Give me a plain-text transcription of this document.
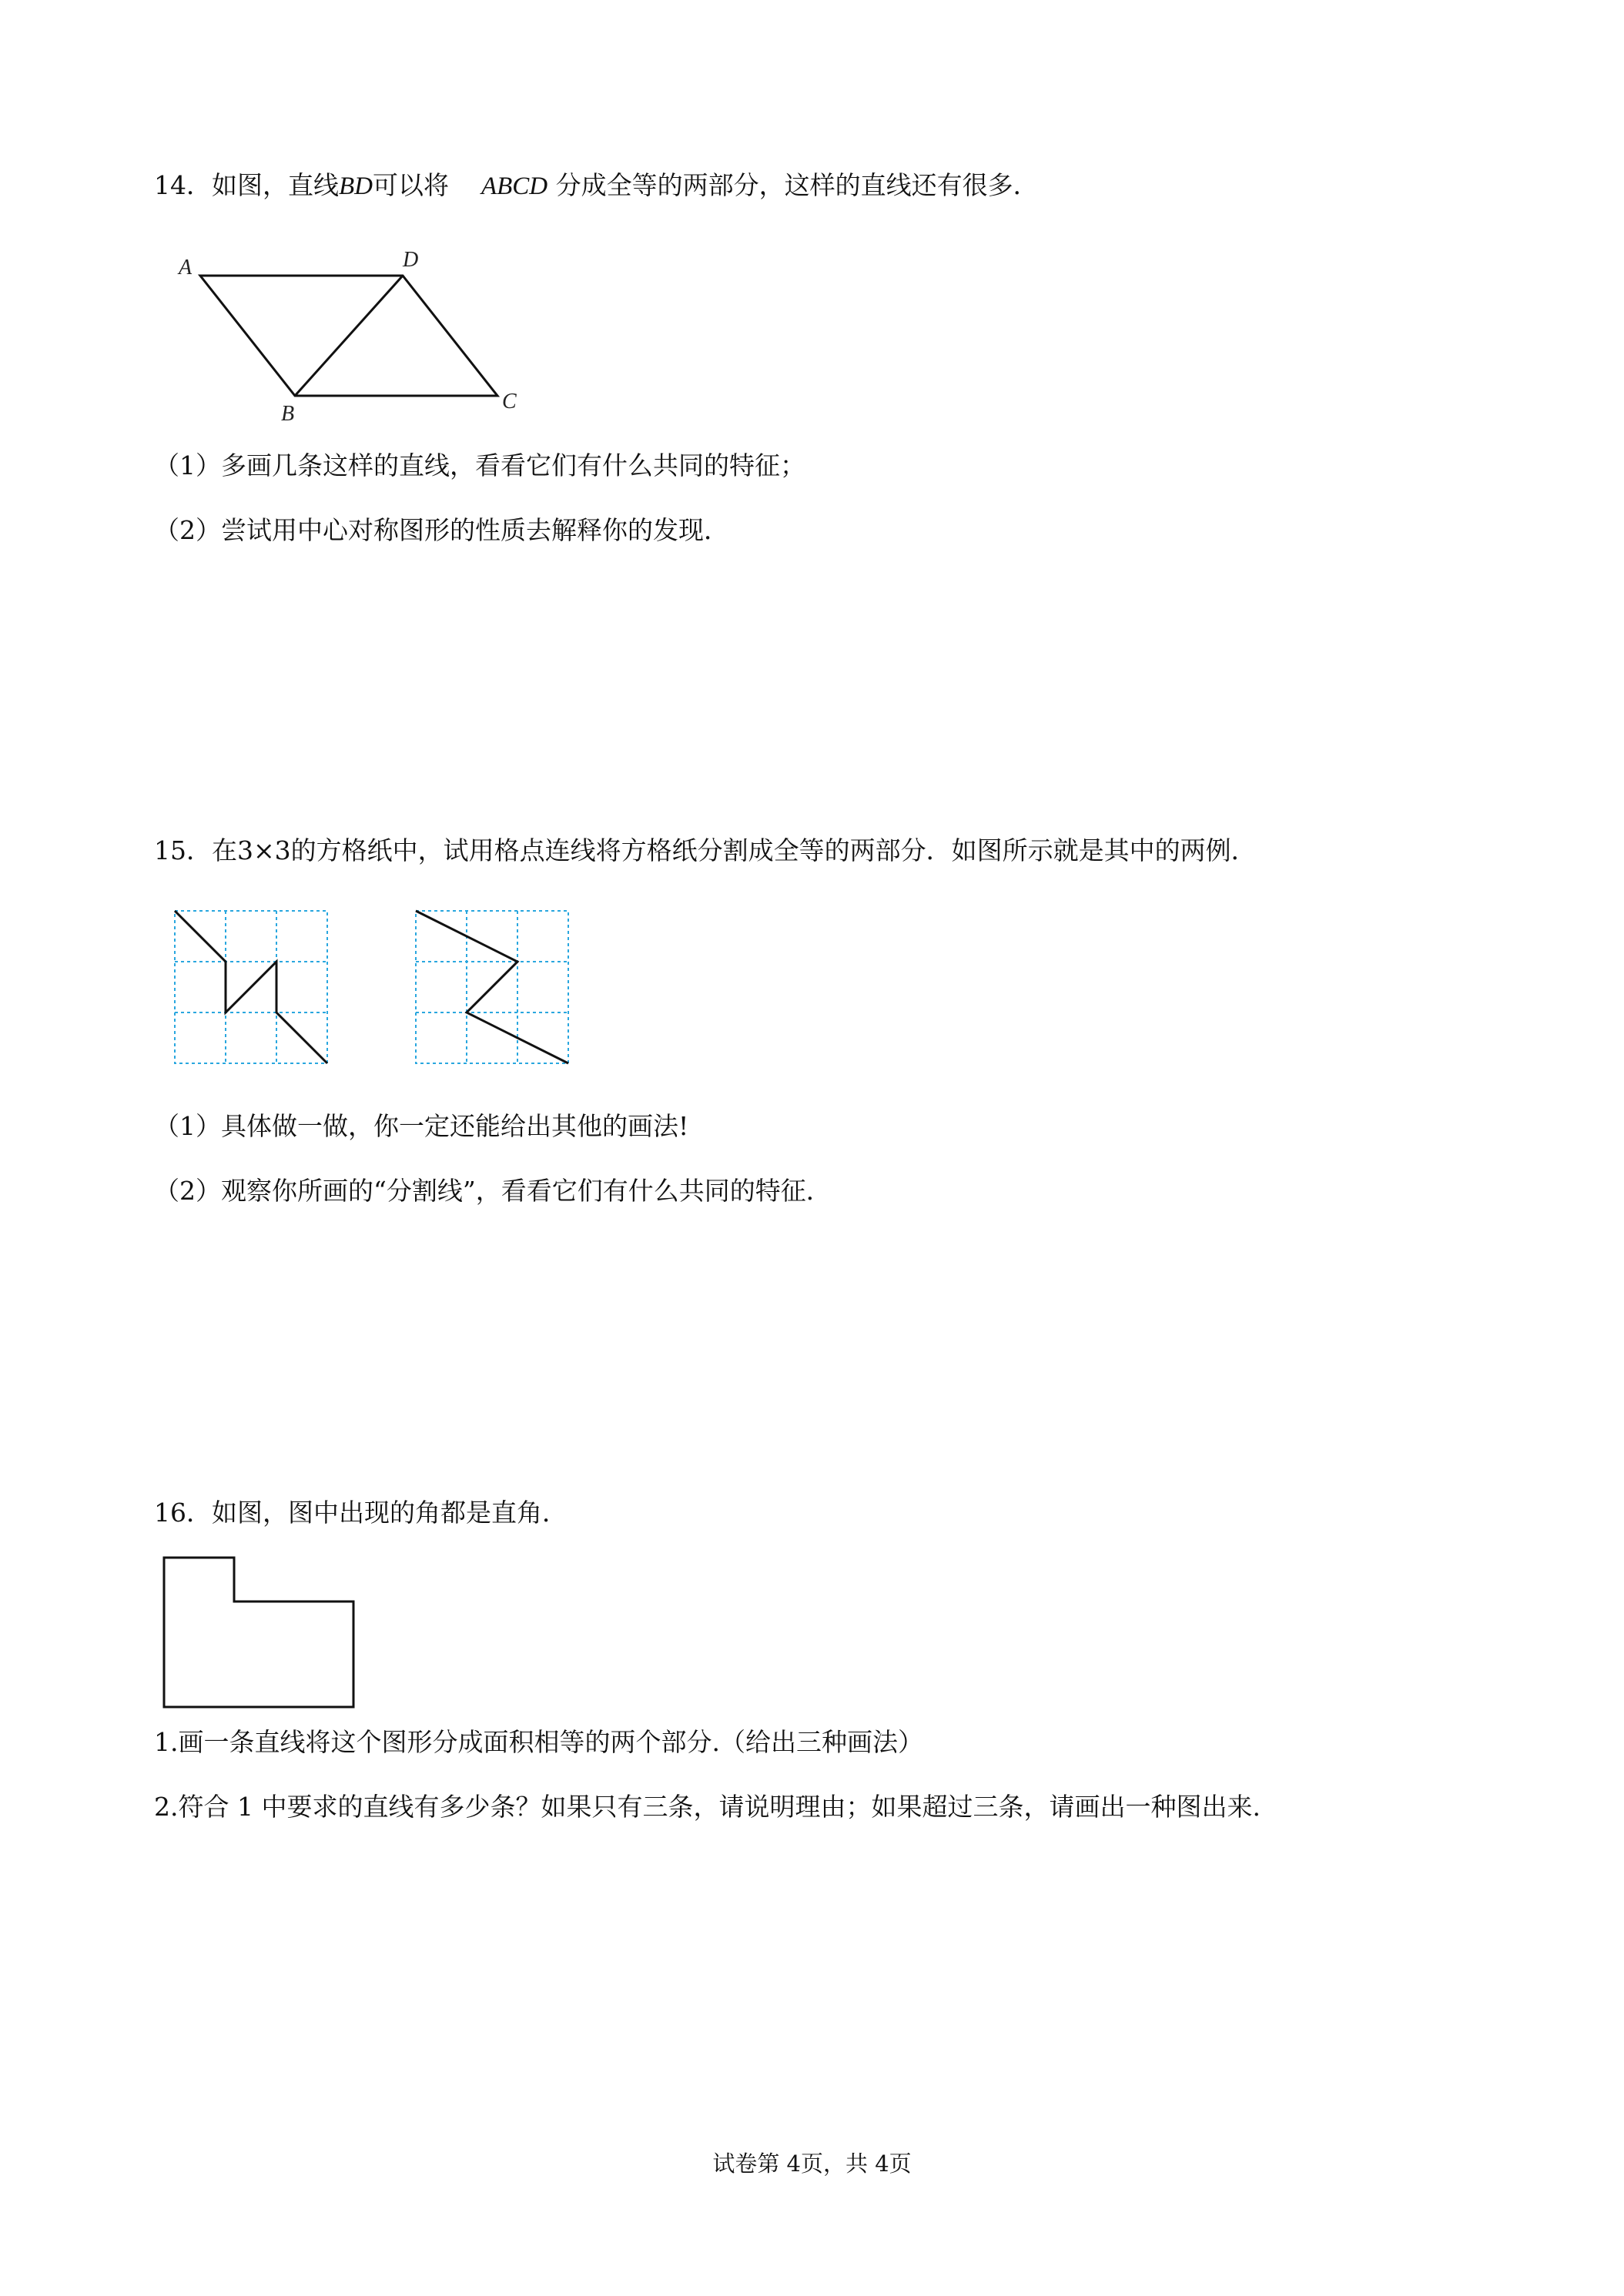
14．如图，直线BD可以将 ABCD 分成全等的两部分，这样的直线还有很多．
A	D
B
C
（1）多画几条这样的直线，看看它们有什么共同的特征；
（2）尝试用中心对称图形的性质去解释你的发现．
15．在3×3的方格纸中，试用格点连线将方格纸分割成全等的两部分．如图所示就是其中的两例．
（1）具体做一做，你一定还能给出其他的画法!
（2）观察你所画的“分割线”，看看它们有什么共同的特征．
16．如图，图中出现的角都是直角．
1.画一条直线将这个图形分成面积相等的两个部分.（给出三种画法）
2.符合 1 中要求的直线有多少条？如果只有三条，请说明理由；如果超过三条，请画出一种图出来.
试卷第 4页，共 4页
